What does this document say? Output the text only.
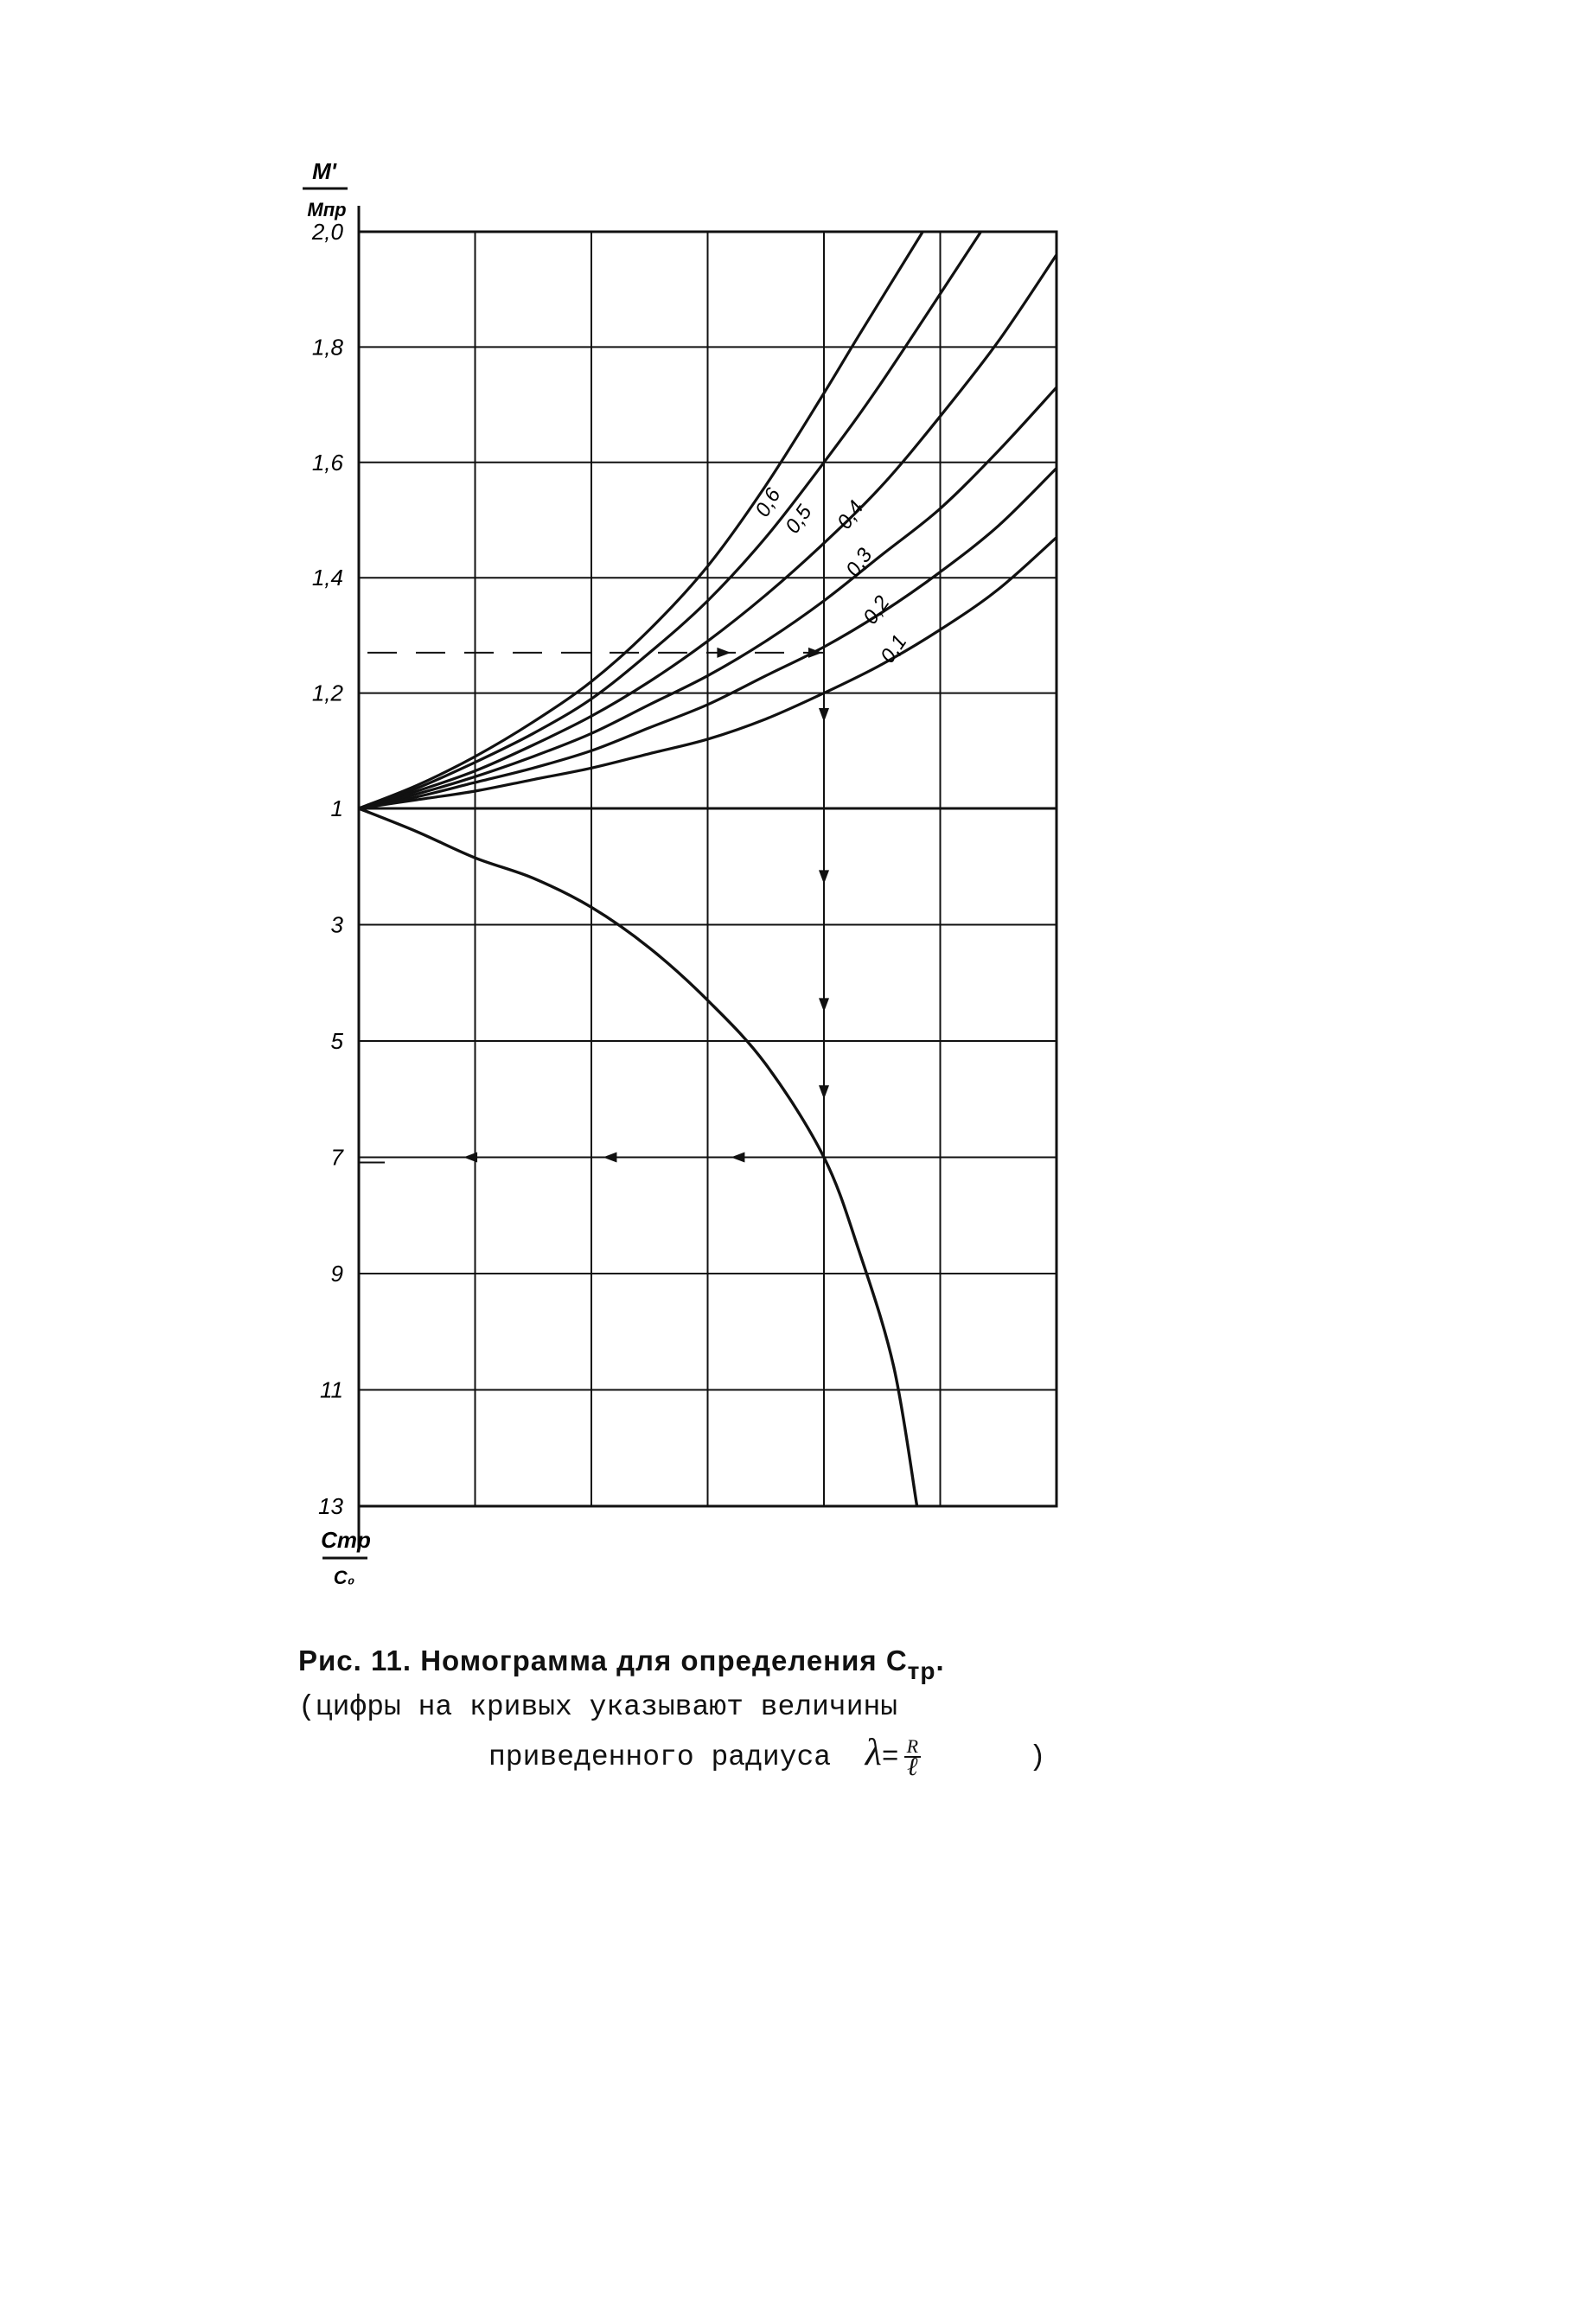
2,0
1,8
1,6
1,4
1,2
1
3
5
7
9
11
13
0,6
0,5 0,4
0,3
0,2
0,1
M'
Mпр
Cтр
C₀
Рис. 11. Номограмма для определения $C_{тр}$.
(цифры на кривых указывают величины
приведенного радиуса $\lambda= \frac{R}{\text{ℓ}}$	)
